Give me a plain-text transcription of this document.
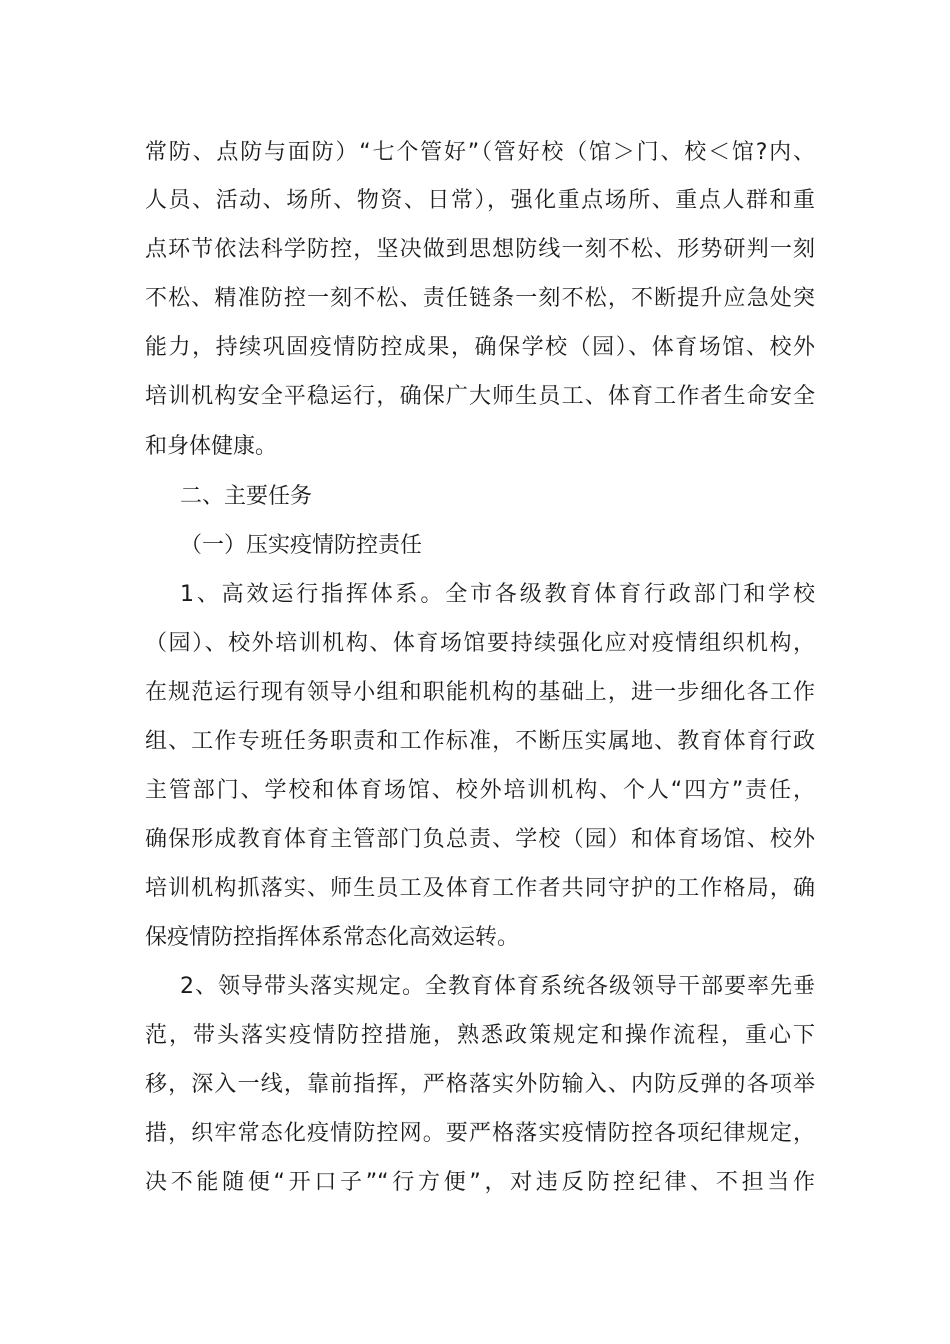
常防、点防与面防）“七个管好”（管好校（馆＞门、校＜馆?内、
人员、活动、场所、物资、日常），强化重点场所、重点人群和重
点环节依法科学防控，坚决做到思想防线一刻不松、形势研判一刻
不松、精准防控一刻不松、责任链条一刻不松，不断提升应急处突
能力，持续巩固疫情防控成果，确保学校（园）、体育场馆、校外
培训机构安全平稳运行，确保广大师生员工、体育工作者生命安全
和身体健康。
二、主要任务
（一）压实疫情防控责任
1、高效运行指挥体系。全市各级教育体育行政部门和学校
（园）、校外培训机构、体育场馆要持续强化应对疫情组织机构，
在规范运行现有领导小组和职能机构的基础上，进一步细化各工作
组、工作专班任务职责和工作标准，不断压实属地、教育体育行政
主管部门、学校和体育场馆、校外培训机构、个人“四方”责任，
确保形成教育体育主管部门负总责、学校（园）和体育场馆、校外
培训机构抓落实、师生员工及体育工作者共同守护的工作格局，确
保疫情防控指挥体系常态化高效运转。
2、领导带头落实规定。全教育体育系统各级领导干部要率先垂
范，带头落实疫情防控措施，熟悉政策规定和操作流程，重心下
移，深入一线，靠前指挥，严格落实外防输入、内防反弹的各项举
措，织牢常态化疫情防控网。要严格落实疫情防控各项纪律规定，
决不能随便“开口子”“行方便”，对违反防控纪律、不担当作
